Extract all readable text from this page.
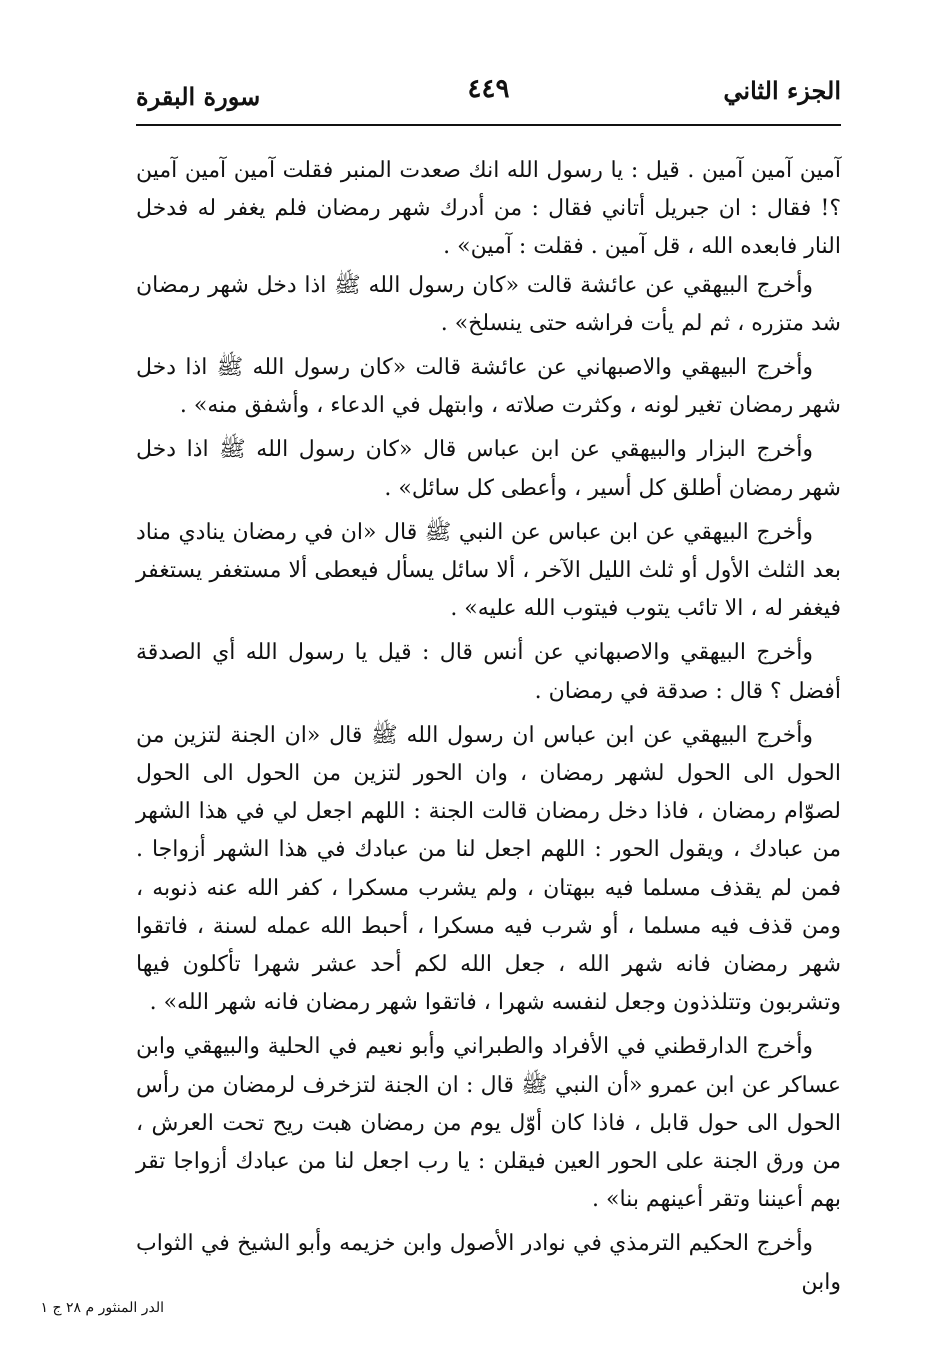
الجزء الثاني
٤٤٩
سورة البقرة

آمين آمين آمين . قيل : يا رسول الله انك صعدت المنبر فقلت آمين آمين آمين ؟! فقال : ان جبريل أتاني فقال : من أدرك شهر رمضان فلم يغفر له فدخل النار فابعده الله ، قل آمين . فقلت : آمين» .

وأخرج البيهقي عن عائشة قالت «كان رسول الله ﷺ اذا دخل شهر رمضان شد متزره ، ثم لم يأت فراشه حتى ينسلخ» .

وأخرج البيهقي والاصبهاني عن عائشة قالت «كان رسول الله ﷺ اذا دخل شهر رمضان تغير لونه ، وكثرت صلاته ، وابتهل في الدعاء ، وأشفق منه» .

وأخرج البزار والبيهقي عن ابن عباس قال «كان رسول الله ﷺ اذا دخل شهر رمضان أطلق كل أسير ، وأعطى كل سائل» .

وأخرج البيهقي عن ابن عباس عن النبي ﷺ قال «ان في رمضان ينادي مناد بعد الثلث الأول أو ثلث الليل الآخر ، ألا سائل يسأل فيعطى ألا مستغفر يستغفر فيغفر له ، الا تائب يتوب فيتوب الله عليه» .

وأخرج البيهقي والاصبهاني عن أنس قال : قيل يا رسول الله أي الصدقة أفضل ؟ قال : صدقة في رمضان .

وأخرج البيهقي عن ابن عباس ان رسول الله ﷺ قال «ان الجنة لتزين من الحول الى الحول لشهر رمضان ، وان الحور لتزين من الحول الى الحول لصوّام رمضان ، فاذا دخل رمضان قالت الجنة : اللهم اجعل لي في هذا الشهر من عبادك ، ويقول الحور : اللهم اجعل لنا من عبادك في هذا الشهر أزواجا . فمن لم يقذف مسلما فيه ببهتان ، ولم يشرب مسكرا ، كفر الله عنه ذنوبه ، ومن قذف فيه مسلما ، أو شرب فيه مسكرا ، أحبط الله عمله لسنة ، فاتقوا شهر رمضان فانه شهر الله ، جعل الله لكم أحد عشر شهرا تأكلون فيها وتشربون وتتلذذون وجعل لنفسه شهرا ، فاتقوا شهر رمضان فانه شهر الله» .

وأخرج الدارقطني في الأفراد والطبراني وأبو نعيم في الحلية والبيهقي وابن عساكر عن ابن عمرو «أن النبي ﷺ قال : ان الجنة لتزخرف لرمضان من رأس الحول الى حول قابل ، فاذا كان أوّل يوم من رمضان هبت ريح تحت العرش ، من ورق الجنة على الحور العين فيقلن : يا رب اجعل لنا من عبادك أزواجا تقر بهم أعيننا وتقر أعينهم بنا» .

وأخرج الحكيم الترمذي في نوادر الأصول وابن خزيمه وأبو الشيخ في الثواب وابن

الدر المنثور م ٢٨ ج ١
